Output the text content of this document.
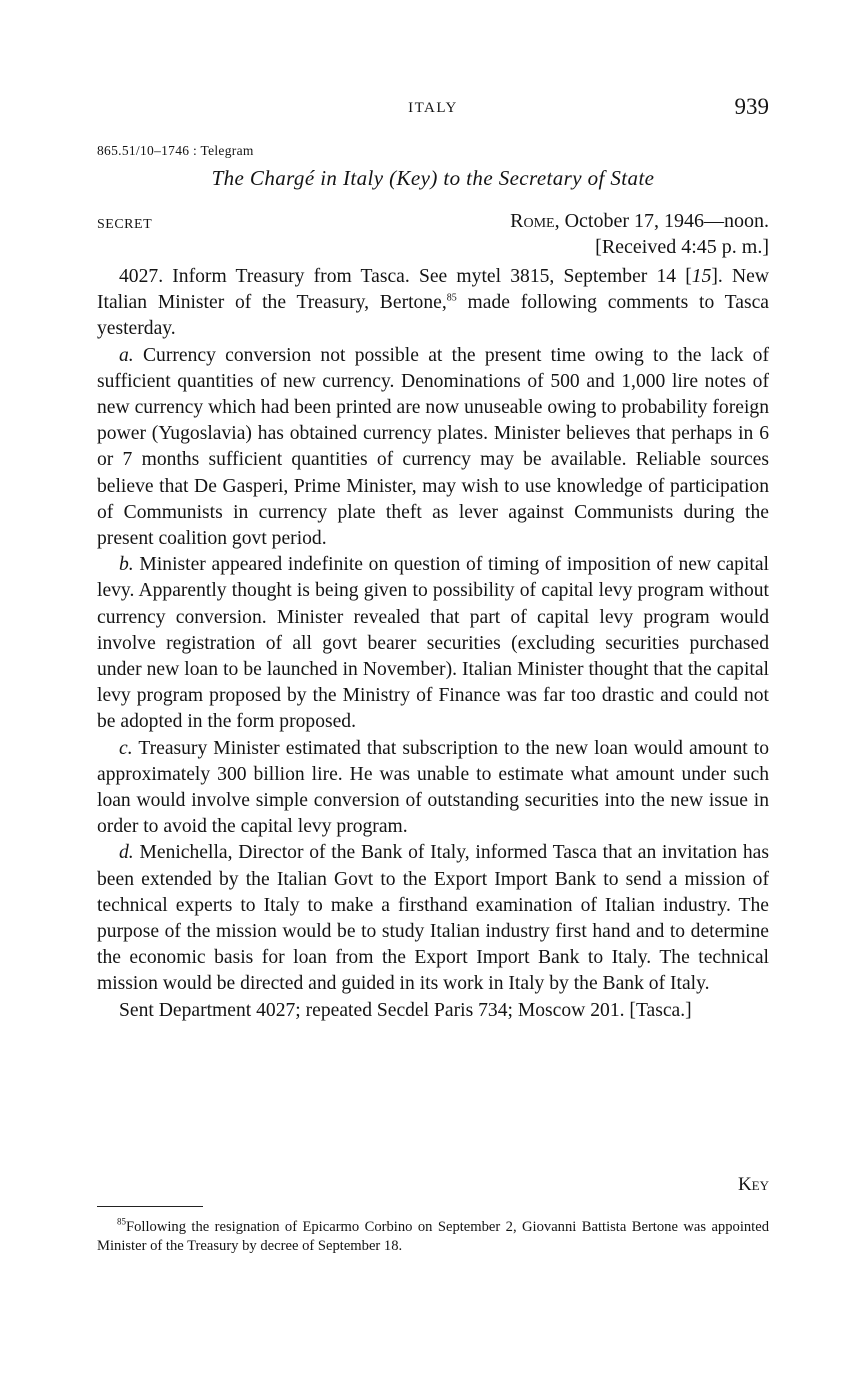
ITALY	939
865.51/10–1746 : Telegram
The Chargé in Italy (Key) to the Secretary of State
SECRET	Rome, October 17, 1946—noon.
[Received 4:45 p. m.]

4027. Inform Treasury from Tasca. See mytel 3815, September 14 [15]. New Italian Minister of the Treasury, Bertone,$^{85}$ made following comments to Tasca yesterday.

a. Currency conversion not possible at the present time owing to the lack of sufficient quantities of new currency. Denominations of 500 and 1,000 lire notes of new currency which had been printed are now unuseable owing to probability foreign power (Yugoslavia) has obtained currency plates. Minister believes that perhaps in 6 or 7 months sufficient quantities of currency may be available. Reliable sources believe that De Gasperi, Prime Minister, may wish to use knowledge of participation of Communists in currency plate theft as lever against Communists during the present coalition govt period.

b. Minister appeared indefinite on question of timing of imposition of new capital levy. Apparently thought is being given to possibility of capital levy program without currency conversion. Minister revealed that part of capital levy program would involve registration of all govt bearer securities (excluding securities purchased under new loan to be launched in November). Italian Minister thought that the capital levy program proposed by the Ministry of Finance was far too drastic and could not be adopted in the form proposed.

c. Treasury Minister estimated that subscription to the new loan would amount to approximately 300 billion lire. He was unable to estimate what amount under such loan would involve simple conversion of outstanding securities into the new issue in order to avoid the capital levy program.

d. Menichella, Director of the Bank of Italy, informed Tasca that an invitation has been extended by the Italian Govt to the Export Import Bank to send a mission of technical experts to Italy to make a firsthand examination of Italian industry. The purpose of the mission would be to study Italian industry first hand and to determine the economic basis for loan from the Export Import Bank to Italy. The technical mission would be directed and guided in its work in Italy by the Bank of Italy.

Sent Department 4027; repeated Secdel Paris 734; Moscow 201. [Tasca.]

Key
$^{85}$Following the resignation of Epicarmo Corbino on September 2, Giovanni Battista Bertone was appointed Minister of the Treasury by decree of September 18.
